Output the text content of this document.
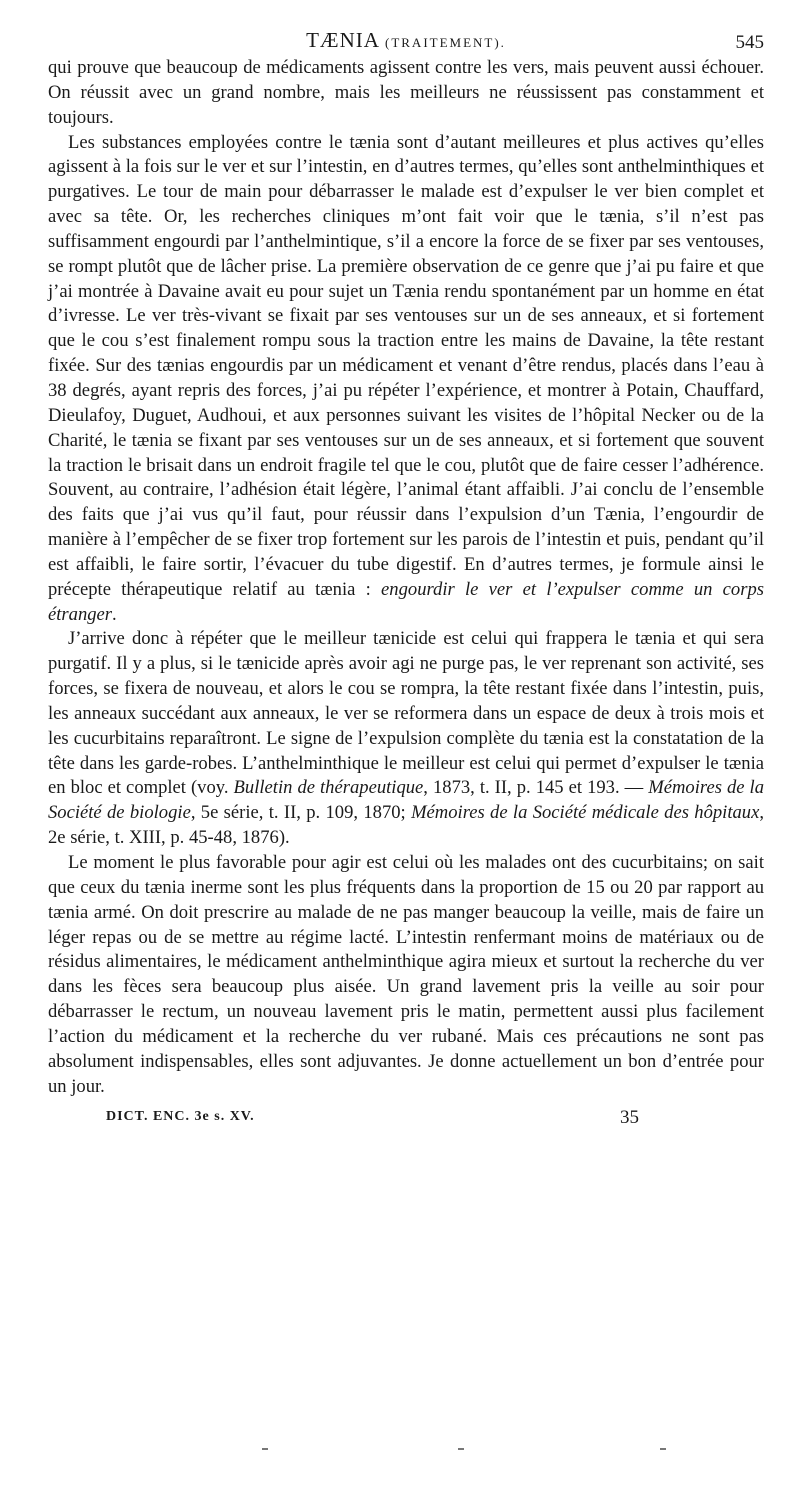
TÆNIA (TRAITEMENT).	545

qui prouve que beaucoup de médicaments agissent contre les vers, mais peuvent aussi échouer. On réussit avec un grand nombre, mais les meilleurs ne réussissent pas constamment et toujours.

Les substances employées contre le tænia sont d’autant meilleures et plus actives qu’elles agissent à la fois sur le ver et sur l’intestin, en d’autres termes, qu’elles sont anthelminthiques et purgatives. Le tour de main pour débarrasser le malade est d’expulser le ver bien complet et avec sa tête. Or, les recherches cliniques m’ont fait voir que le tænia, s’il n’est pas suffisamment engourdi par l’anthelmintique, s’il a encore la force de se fixer par ses ventouses, se rompt plutôt que de lâcher prise. La première observation de ce genre que j’ai pu faire et que j’ai montrée à Davaine avait eu pour sujet un Tænia rendu spontanément par un homme en état d’ivresse. Le ver très-vivant se fixait par ses ventouses sur un de ses anneaux, et si fortement que le cou s’est finalement rompu sous la traction entre les mains de Davaine, la tête restant fixée. Sur des tænias engourdis par un médicament et venant d’être rendus, placés dans l’eau à 38 degrés, ayant repris des forces, j’ai pu répéter l’expérience, et montrer à Potain, Chauffard, Dieulafoy, Duguet, Audhoui, et aux personnes suivant les visites de l’hôpital Necker ou de la Charité, le tænia se fixant par ses ventouses sur un de ses anneaux, et si fortement que souvent la traction le brisait dans un endroit fragile tel que le cou, plutôt que de faire cesser l’adhérence. Souvent, au contraire, l’adhésion était légère, l’animal étant affaibli. J’ai conclu de l’ensemble des faits que j’ai vus qu’il faut, pour réussir dans l’expulsion d’un Tænia, l’engourdir de manière à l’empêcher de se fixer trop fortement sur les parois de l’intestin et puis, pendant qu’il est affaibli, le faire sortir, l’évacuer du tube digestif. En d’autres termes, je formule ainsi le précepte thérapeutique relatif au tænia : engourdir le ver et l’expulser comme un corps étranger.

J’arrive donc à répéter que le meilleur tænicide est celui qui frappera le tænia et qui sera purgatif. Il y a plus, si le tænicide après avoir agi ne purge pas, le ver reprenant son activité, ses forces, se fixera de nouveau, et alors le cou se rompra, la tête restant fixée dans l’intestin, puis, les anneaux succédant aux anneaux, le ver se reformera dans un espace de deux à trois mois et les cucurbitains reparaîtront. Le signe de l’expulsion complète du tænia est la constatation de la tête dans les garde-robes. L’anthelminthique le meilleur est celui qui permet d’expulser le tænia en bloc et complet (voy. Bulletin de thérapeutique, 1873, t. II, p. 145 et 193. — Mémoires de la Société de biologie, 5e série, t. II, p. 109, 1870; Mémoires de la Société médicale des hôpitaux, 2e série, t. XIII, p. 45-48, 1876).

Le moment le plus favorable pour agir est celui où les malades ont des cucurbitains; on sait que ceux du tænia inerme sont les plus fréquents dans la proportion de 15 ou 20 par rapport au tænia armé. On doit prescrire au malade de ne pas manger beaucoup la veille, mais de faire un léger repas ou de se mettre au régime lacté. L’intestin renfermant moins de matériaux ou de résidus alimentaires, le médicament anthelminthique agira mieux et surtout la recherche du ver dans les fèces sera beaucoup plus aisée. Un grand lavement pris la veille au soir pour débarrasser le rectum, un nouveau lavement pris le matin, permettent aussi plus facilement l’action du médicament et la recherche du ver rubané. Mais ces précautions ne sont pas absolument indispensables, elles sont adjuvantes. Je donne actuellement un bon d’entrée pour un jour.

DICT. ENC. 3e s. XV.	35
